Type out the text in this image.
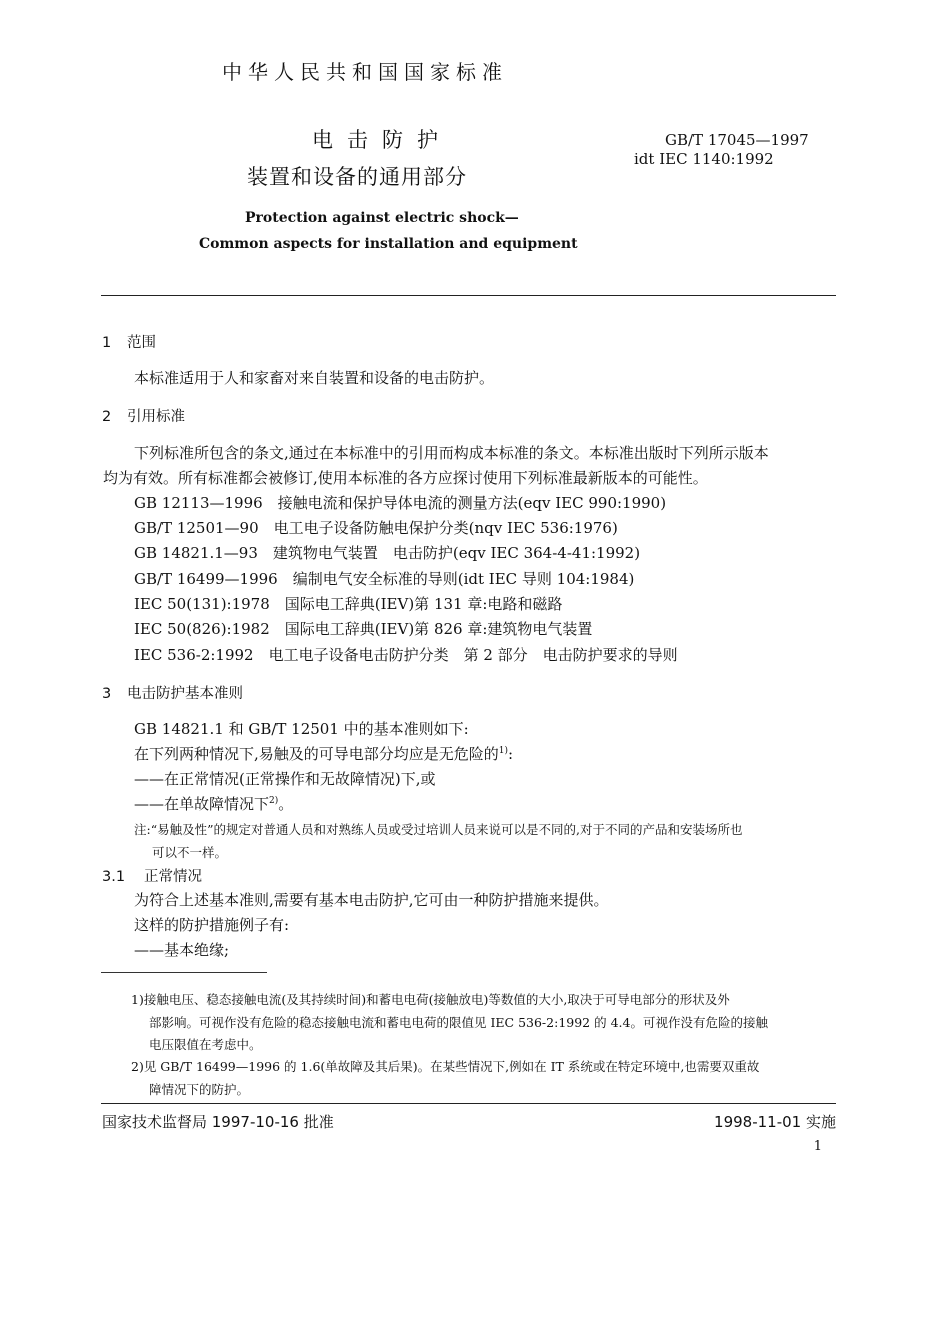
中华人民共和国国家标准
电击防护
装置和设备的通用部分
GB/T 17045—1997
idt IEC 1140:1992
Protection against electric shock—
Common aspects for installation and equipment
1 范围
本标准适用于人和家畜对来自装置和设备的电击防护。
2 引用标准
下列标准所包含的条文,通过在本标准中的引用而构成本标准的条文。本标准出版时下列所示版本
均为有效。所有标准都会被修订,使用本标准的各方应探讨使用下列标准最新版本的可能性。
GB 12113—1996　接触电流和保护导体电流的测量方法(eqv IEC 990:1990)
GB/T 12501—90　电工电子设备防触电保护分类(nqv IEC 536:1976)
GB 14821.1—93　建筑物电气装置　电击防护(eqv IEC 364-4-41:1992)
GB/T 16499—1996　编制电气安全标准的导则(idt IEC 导则 104:1984)
IEC 50(131):1978　国际电工辞典(IEV)第 131 章:电路和磁路
IEC 50(826):1982　国际电工辞典(IEV)第 826 章:建筑物电气装置
IEC 536-2:1992　电工电子设备电击防护分类　第 2 部分　电击防护要求的导则
3 电击防护基本准则
GB 14821.1 和 GB/T 12501 中的基本准则如下:
在下列两种情况下,易触及的可导电部分均应是无危险的$^{1)}$:
——在正常情况(正常操作和无故障情况)下,或
——在单故障情况下$^{2)}$。
注:“易触及性”的规定对普通人员和对熟练人员或受过培训人员来说可以是不同的,对于不同的产品和安装场所也
可以不一样。
3.1 正常情况
为符合上述基本准则,需要有基本电击防护,它可由一种防护措施来提供。
这样的防护措施例子有:
——基本绝缘;
1)接触电压、稳态接触电流(及其持续时间)和蓄电电荷(接触放电)等数值的大小,取决于可导电部分的形状及外
部影响。可视作没有危险的稳态接触电流和蓄电电荷的限值见 IEC 536-2:1992 的 4.4。可视作没有危险的接触
电压限值在考虑中。
2)见 GB/T 16499—1996 的 1.6(单故障及其后果)。在某些情况下,例如在 IT 系统或在特定环境中,也需要双重故
障情况下的防护。
国家技术监督局 1997-10-16 批准	1998-11-01 实施
1
